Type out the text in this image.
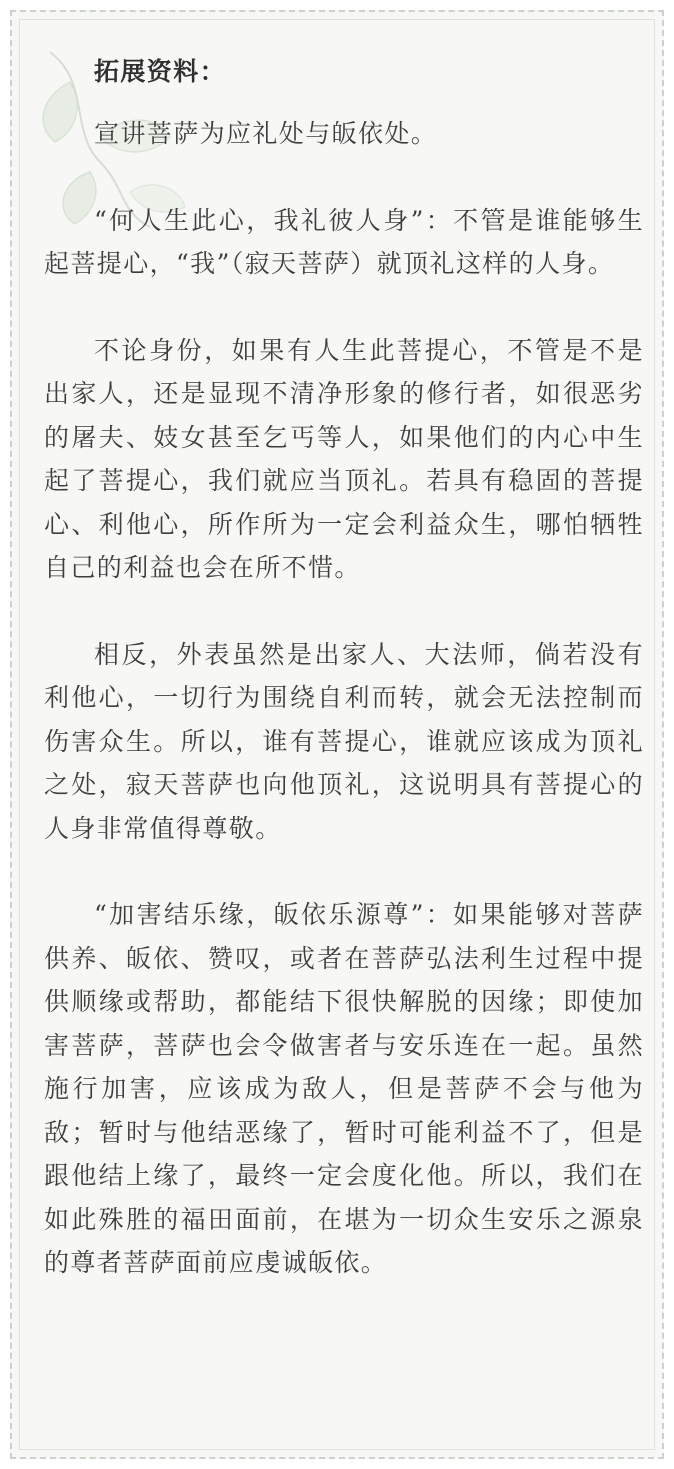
拓展资料：

宣讲菩萨为应礼处与皈依处。

“何人生此心，我礼彼人身”：不管是谁能够生起菩提心，“我”（寂天菩萨）就顶礼这样的人身。

不论身份，如果有人生此菩提心，不管是不是出家人，还是显现不清净形象的修行者，如很恶劣的屠夫、妓女甚至乞丐等人，如果他们的内心中生起了菩提心，我们就应当顶礼。若具有稳固的菩提心、利他心，所作所为一定会利益众生，哪怕牺牲自己的利益也会在所不惜。

相反，外表虽然是出家人、大法师，倘若没有利他心，一切行为围绕自利而转，就会无法控制而伤害众生。所以，谁有菩提心，谁就应该成为顶礼之处，寂天菩萨也向他顶礼，这说明具有菩提心的人身非常值得尊敬。

“加害结乐缘，皈依乐源尊”：如果能够对菩萨供养、皈依、赞叹，或者在菩萨弘法利生过程中提供顺缘或帮助，都能结下很快解脱的因缘；即使加害菩萨，菩萨也会令做害者与安乐连在一起。虽然施行加害，应该成为敌人，但是菩萨不会与他为敌；暂时与他结恶缘了，暂时可能利益不了，但是跟他结上缘了，最终一定会度化他。所以，我们在如此殊胜的福田面前，在堪为一切众生安乐之源泉的尊者菩萨面前应虔诚皈依。
